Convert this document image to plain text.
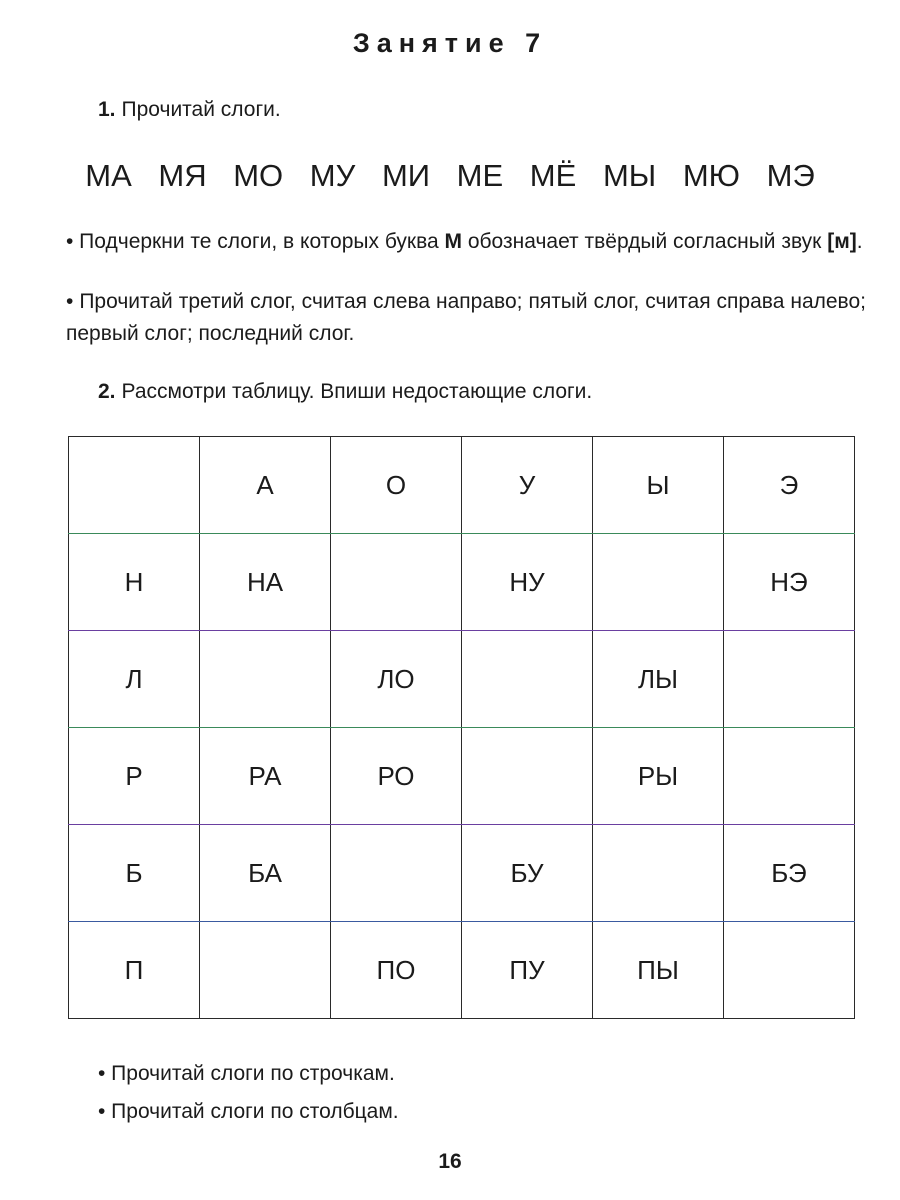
Занятие 7
1. Прочитай слоги.
МА МЯ МО МУ МИ МЕ МЁ МЫ МЮ МЭ
• Подчеркни те слоги, в которых буква М обозначает твёрдый согласный звук [м].
• Прочитай третий слог, считая слева направо; пятый слог, считая справа налево; первый слог; последний слог.
2. Рассмотри таблицу. Впиши недостающие слоги.
	А	О	У	Ы	Э
Н	НА		НУ		НЭ
Л		ЛО		ЛЫ	
Р	РА	РО		РЫ	
Б	БА		БУ		БЭ
П		ПО	ПУ	ПЫ	
• Прочитай слоги по строчкам.
• Прочитай слоги по столбцам.
16
